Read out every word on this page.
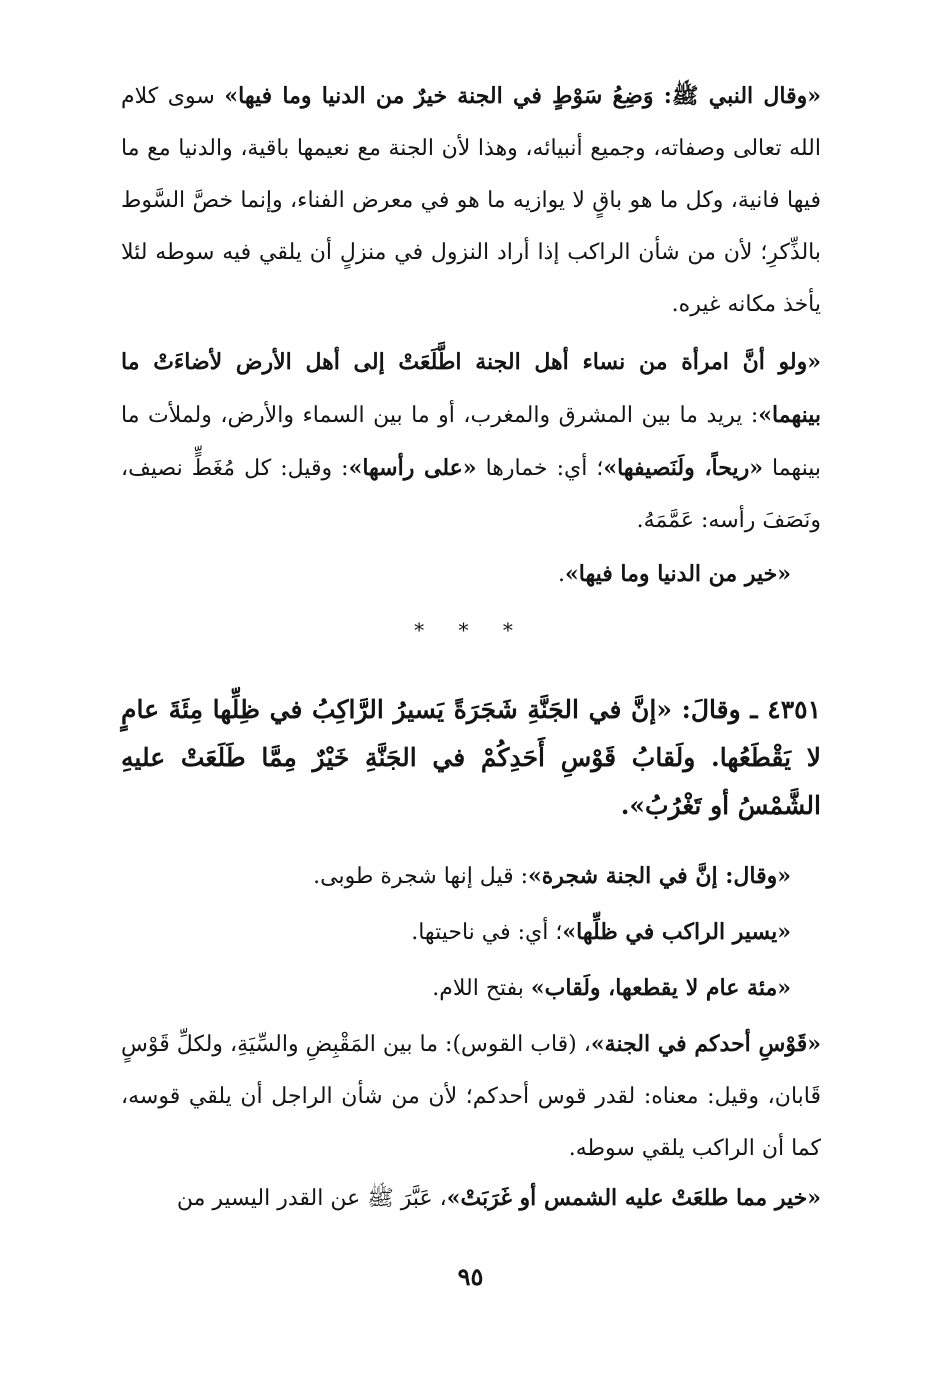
«وقال النبي ﷺ: وَضِعُ سَوْطٍ في الجنة خيرٌ من الدنيا وما فيها» سوى كلام الله تعالى وصفاته، وجميع أنبيائه، وهذا لأن الجنة مع نعيمها باقية، والدنيا مع ما فيها فانية، وكل ما هو باقٍ لا يوازيه ما هو في معرض الفناء، وإنما خصَّ السَّوط بالذِّكرِ؛ لأن من شأن الراكب إذا أراد النزول في منزلٍ أن يلقي فيه سوطه لئلا يأخذ مكانه غيره.

«ولو أنَّ امرأة من نساء أهل الجنة اطَّلَعَتْ إلى أهل الأرض لأضاءَتْ ما بينهما»: يريد ما بين المشرق والمغرب، أو ما بين السماء والأرض، ولملأت ما بينهما «ريحاً، ولَنَصيفها»؛ أي: خمارها «على رأسها»: وقيل: كل مُغَطٍّ نصيف، ونَصَفَ رأسه: عَمَّمَهُ.

«خير من الدنيا وما فيها».

* * *

٤٣٥١ ـ وقالَ: «إنَّ في الجَنَّةِ شَجَرَةً يَسيرُ الرَّاكِبُ في ظِلِّها مِئَةَ عامٍ لا يَقْطَعُها. ولَقابُ قَوْسِ أَحَدِكُمْ في الجَنَّةِ خَيْرٌ مِمَّا طَلَعَتْ عليهِ الشَّمْسُ أو تَغْرُبُ».

«وقال: إنَّ في الجنة شجرة»: قيل إنها شجرة طوبى.

«يسير الراكب في ظلِّها»؛ أي: في ناحيتها.

«مئة عام لا يقطعها، ولَقاب» بفتح اللام.

«قَوْسِ أحدكم في الجنة»، (قاب القوس): ما بين المَقْبِضِ والسِّيَةِ، ولكلِّ قَوْسٍ قَابان، وقيل: معناه: لقدر قوس أحدكم؛ لأن من شأن الراجل أن يلقي قوسه، كما أن الراكب يلقي سوطه.

«خير مما طلعَتْ عليه الشمس أو غَرَبَتْ»، عَبَّرَ ﷺ عن القدر اليسير من

٩٥
